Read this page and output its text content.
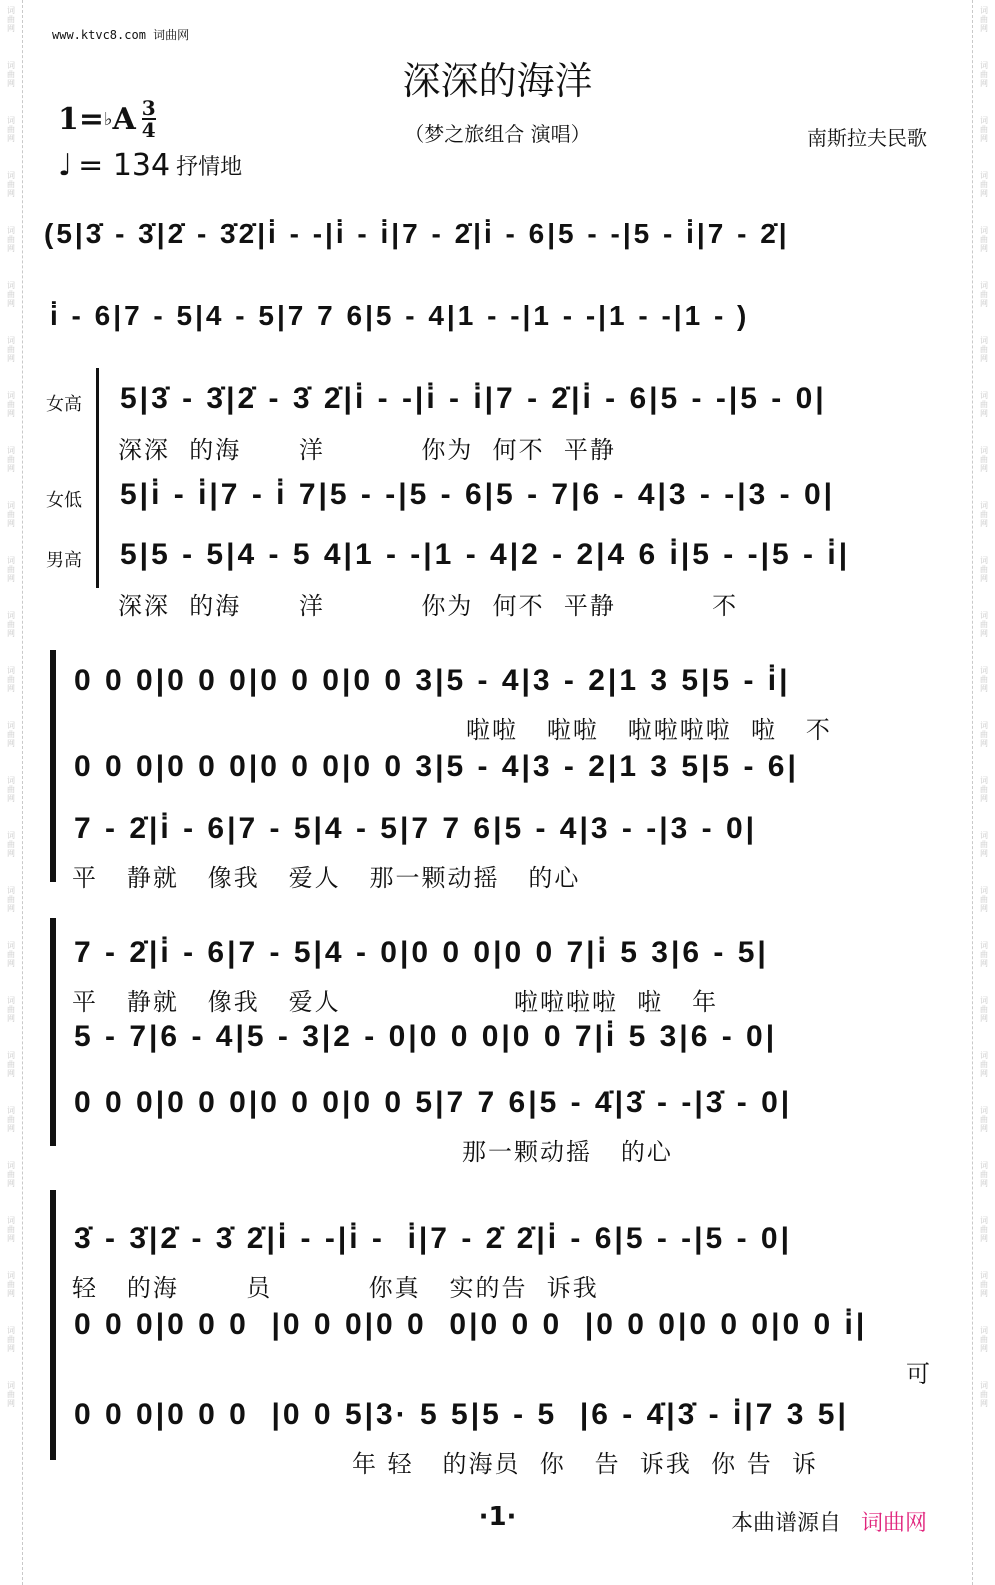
词曲网
词曲网
词曲网
词曲网
词曲网
词曲网
词曲网
词曲网
词曲网
词曲网
词曲网
词曲网
词曲网
词曲网
词曲网
词曲网
词曲网
词曲网
词曲网
词曲网
词曲网
词曲网
词曲网
词曲网
词曲网
词曲网
词曲网
词曲网
词曲网
词曲网
词曲网
词曲网
词曲网
词曲网
词曲网
词曲网
词曲网
词曲网
词曲网
词曲网
词曲网
词曲网
词曲网
词曲网
词曲网
词曲网
词曲网
词曲网
词曲网
词曲网
词曲网
词曲网
www.ktvc8.com 词曲网
深深的海洋
（梦之旅组合 演唱）	南斯拉夫民歌
1= ♭ A $\frac{3}{4}$
♩ = 134 抒情地
(5|3̇ - 3̇|2̇ - 3̇2̇|i̇ - -|i̇ - i̇|7 - 2̇|i̇ - 6|5 - -|5 - i̇|7 - 2̇|
i̇ - 6|7 - 5|4 - 5|7 7 6|5 - 4|1 - -|1 - -|1 - -|1 - )
女高
女低
男高
5|3̇ - 3̇|2̇ - 3̇ 2̇|i̇ - -|i̇ - i̇|7 - 2̇|i̇ - 6|5 - -|5 - 0|
深深  的海      洋          你为  何不  平静
5|i̇ - i̇|7 - i̇ 7|5 - -|5 - 6|5 - 7|6 - 4|3 - -|3 - 0|
5|5 - 5|4 - 5 4|1 - -|1 - 4|2 - 2|4 6 i̇|5 - -|5 - i̇|
深深  的海      洋          你为  何不  平静          不
0 0 0|0 0 0|0 0 0|0 0 3|5 - 4|3 - 2|1 3 5|5 - i̇|
啦啦   啦啦   啦啦啦啦  啦   不
0 0 0|0 0 0|0 0 0|0 0 3|5 - 4|3 - 2|1 3 5|5 - 6|
7 - 2̇|i̇ - 6|7 - 5|4 - 5|7 7 6|5 - 4|3 - -|3 - 0|
平   静就   像我   爱人   那一颗动摇   的心
7 - 2̇|i̇ - 6|7 - 5|4 - 0|0 0 0|0 0 7|i̇ 5 3|6 - 5|
平   静就   像我   爱人                  啦啦啦啦  啦   年
5 - 7|6 - 4|5 - 3|2 - 0|0 0 0|0 0 7|i̇ 5 3|6 - 0|
0 0 0|0 0 0|0 0 0|0 0 5|7 7 6|5 - 4̇|3̇ - -|3̇ - 0|
那一颗动摇   的心
3̇ - 3̇|2̇ - 3̇ 2̇|i̇ - -|i̇ -  i̇|7 - 2̇ 2̇|i̇ - 6|5 - -|5 - 0|
轻   的海       员          你真   实的告  诉我
0 0 0|0 0 0  |0 0 0|0 0  0|0 0 0  |0 0 0|0 0 0|0 0 i̇|
可
0 0 0|0 0 0  |0 0 5|3· 5 5|5 - 5  |6 - 4̇|3̇ - i̇|7 3 5|
年 轻   的海员  你   告  诉我  你 告  诉
·1·	本曲谱源自 词曲网
